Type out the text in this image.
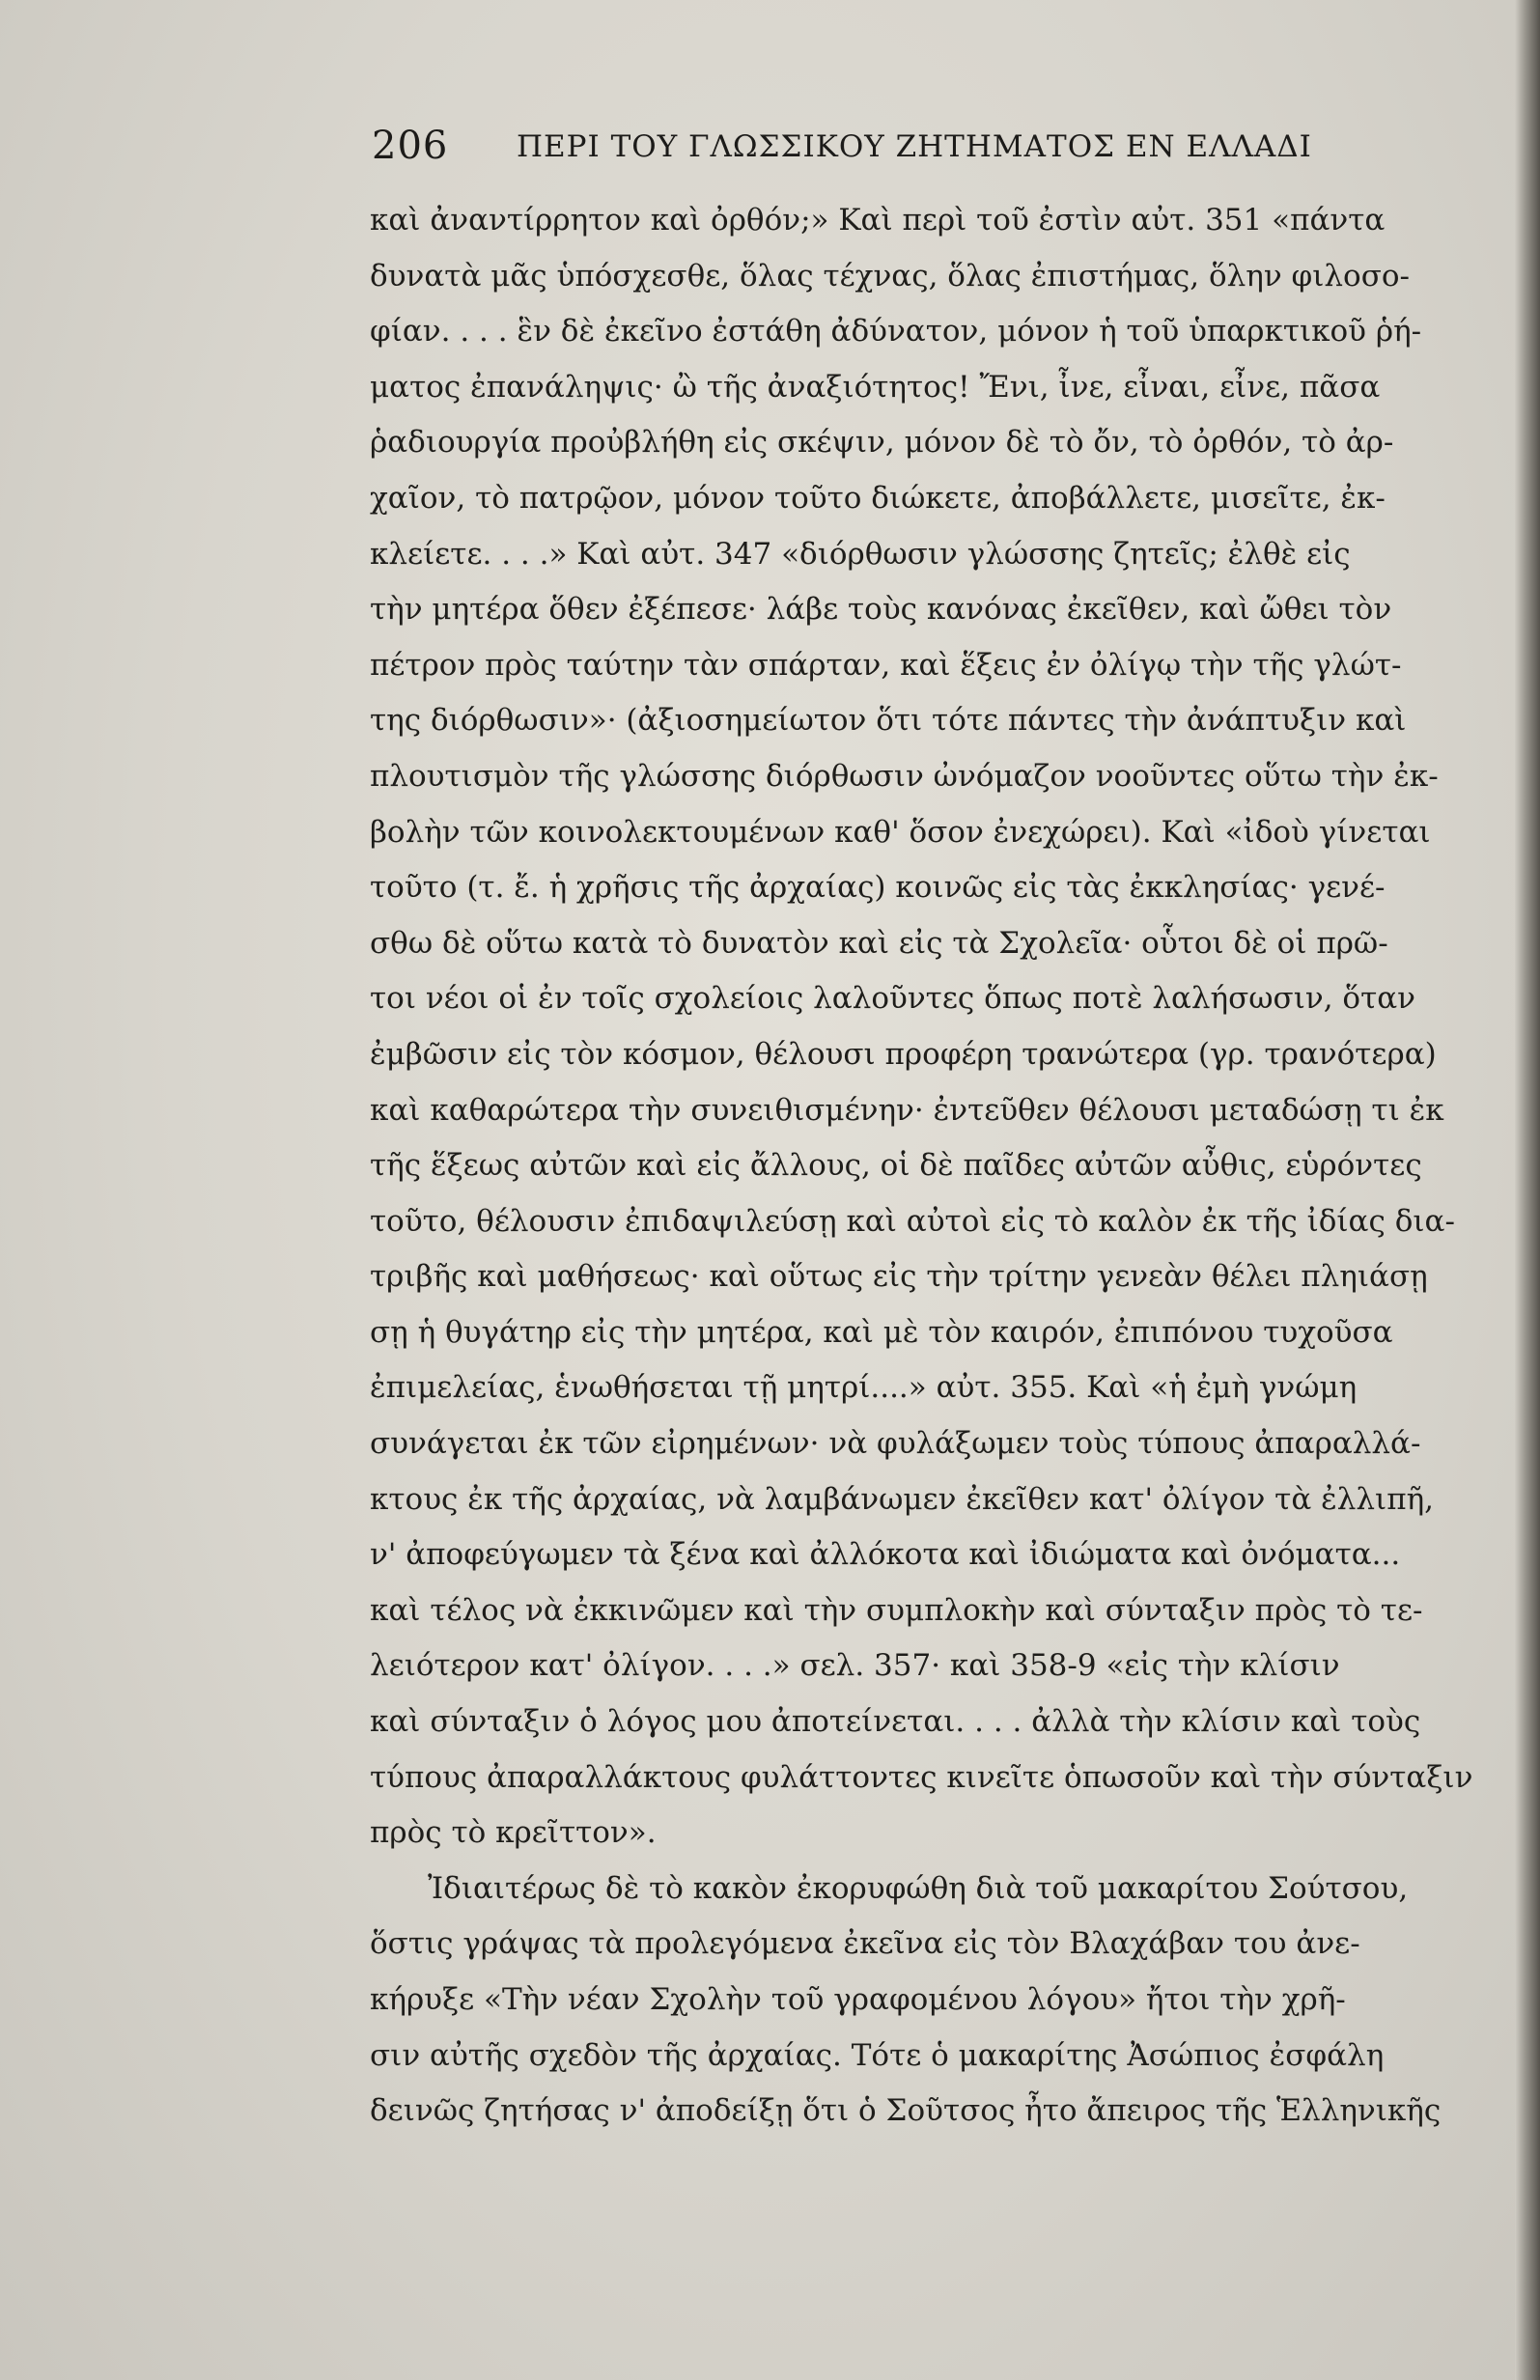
206 ΠΕΡΙ ΤΟΥ ΓΛΩΣΣΙΚΟΥ ΖΗΤΗΜΑΤΟΣ ΕΝ ΕΛΛΑΔΙ
καὶ ἀναντίρρητον καὶ ὀρθόν;» Καὶ περὶ τοῦ ἐστὶν αὐτ. 351 «πάντα
δυνατὰ μᾶς ὑπόσχεσθε, ὅλας τέχνας, ὅλας ἐπιστήμας, ὅλην φιλοσο-
φίαν. . . . ἓν δὲ ἐκεῖνο ἐστάθη ἀδύνατον, μόνον ἡ τοῦ ὑπαρκτικοῦ ῥή-
ματος ἐπανάληψις· ὢ τῆς ἀναξιότητος! Ἔνι, ἶνε, εἶναι, εἶνε, πᾶσα
ῥαδιουργία προὐβλήθη εἰς σκέψιν, μόνον δὲ τὸ ὄν, τὸ ὀρθόν, τὸ ἀρ-
χαῖον, τὸ πατρῷον, μόνον τοῦτο διώκετε, ἀποβάλλετε, μισεῖτε, ἐκ-
κλείετε. . . .» Καὶ αὐτ. 347 «διόρθωσιν γλώσσης ζητεῖς; ἐλθὲ εἰς
τὴν μητέρα ὅθεν ἐξέπεσε· λάβε τοὺς κανόνας ἐκεῖθεν, καὶ ὤθει τὸν
πέτρον πρὸς ταύτην τὰν σπάρταν, καὶ ἕξεις ἐν ὀλίγῳ τὴν τῆς γλώτ-
της διόρθωσιν»· (ἀξιοσημείωτον ὅτι τότε πάντες τὴν ἀνάπτυξιν καὶ
πλουτισμὸν τῆς γλώσσης διόρθωσιν ὠνόμαζον νοοῦντες οὕτω τὴν ἐκ-
βολὴν τῶν κοινολεκτουμένων καθ' ὅσον ἐνεχώρει). Καὶ «ἰδοὺ γίνεται
τοῦτο (τ. ἔ. ἡ χρῆσις τῆς ἀρχαίας) κοινῶς εἰς τὰς ἐκκλησίας· γενέ-
σθω δὲ οὕτω κατὰ τὸ δυνατὸν καὶ εἰς τὰ Σχολεῖα· οὗτοι δὲ οἱ πρῶ-
τοι νέοι οἱ ἐν τοῖς σχολείοις λαλοῦντες ὅπως ποτὲ λαλήσωσιν, ὅταν
ἐμβῶσιν εἰς τὸν κόσμον, θέλουσι προφέρη τρανώτερα (γρ. τρανότερα)
καὶ καθαρώτερα τὴν συνειθισμένην· ἐντεῦθεν θέλουσι μεταδώσῃ τι ἐκ
τῆς ἕξεως αὐτῶν καὶ εἰς ἄλλους, οἱ δὲ παῖδες αὐτῶν αὖθις, εὑρόντες
τοῦτο, θέλουσιν ἐπιδαψιλεύσῃ καὶ αὐτοὶ εἰς τὸ καλὸν ἐκ τῆς ἰδίας δια-
τριβῆς καὶ μαθήσεως· καὶ οὕτως εἰς τὴν τρίτην γενεὰν θέλει πληιάσῃ
σῃ ἡ θυγάτηρ εἰς τὴν μητέρα, καὶ μὲ τὸν καιρόν, ἐπιπόνου τυχοῦσα
ἐπιμελείας, ἑνωθήσεται τῇ μητρί....» αὐτ. 355. Καὶ «ἡ ἐμὴ γνώμη
συνάγεται ἐκ τῶν εἰρημένων· νὰ φυλάξωμεν τοὺς τύπους ἀπαραλλά-
κτους ἐκ τῆς ἀρχαίας, νὰ λαμβάνωμεν ἐκεῖθεν κατ' ὀλίγον τὰ ἐλλιπῆ,
ν' ἀποφεύγωμεν τὰ ξένα καὶ ἀλλόκοτα καὶ ἰδιώματα καὶ ὀνόματα...
καὶ τέλος νὰ ἐκκινῶμεν καὶ τὴν συμπλοκὴν καὶ σύνταξιν πρὸς τὸ τε-
λειότερον κατ' ὀλίγον. . . .» σελ. 357· καὶ 358-9 «εἰς τὴν κλίσιν
καὶ σύνταξιν ὁ λόγος μου ἀποτείνεται. . . . ἀλλὰ τὴν κλίσιν καὶ τοὺς
τύπους ἀπαραλλάκτους φυλάττοντες κινεῖτε ὁπωσοῦν καὶ τὴν σύνταξιν
πρὸς τὸ κρεῖττον».
Ἰδιαιτέρως δὲ τὸ κακὸν ἐκορυφώθη διὰ τοῦ μακαρίτου Σούτσου,
ὅστις γράψας τὰ προλεγόμενα ἐκεῖνα εἰς τὸν Βλαχάβαν του ἀνε-
κήρυξε «Τὴν νέαν Σχολὴν τοῦ γραφομένου λόγου» ἤτοι τὴν χρῆ-
σιν αὐτῆς σχεδὸν τῆς ἀρχαίας. Τότε ὁ μακαρίτης Ἀσώπιος ἐσφάλη
δεινῶς ζητήσας ν' ἀποδείξῃ ὅτι ὁ Σοῦτσος ἦτο ἄπειρος τῆς Ἑλληνικῆς
